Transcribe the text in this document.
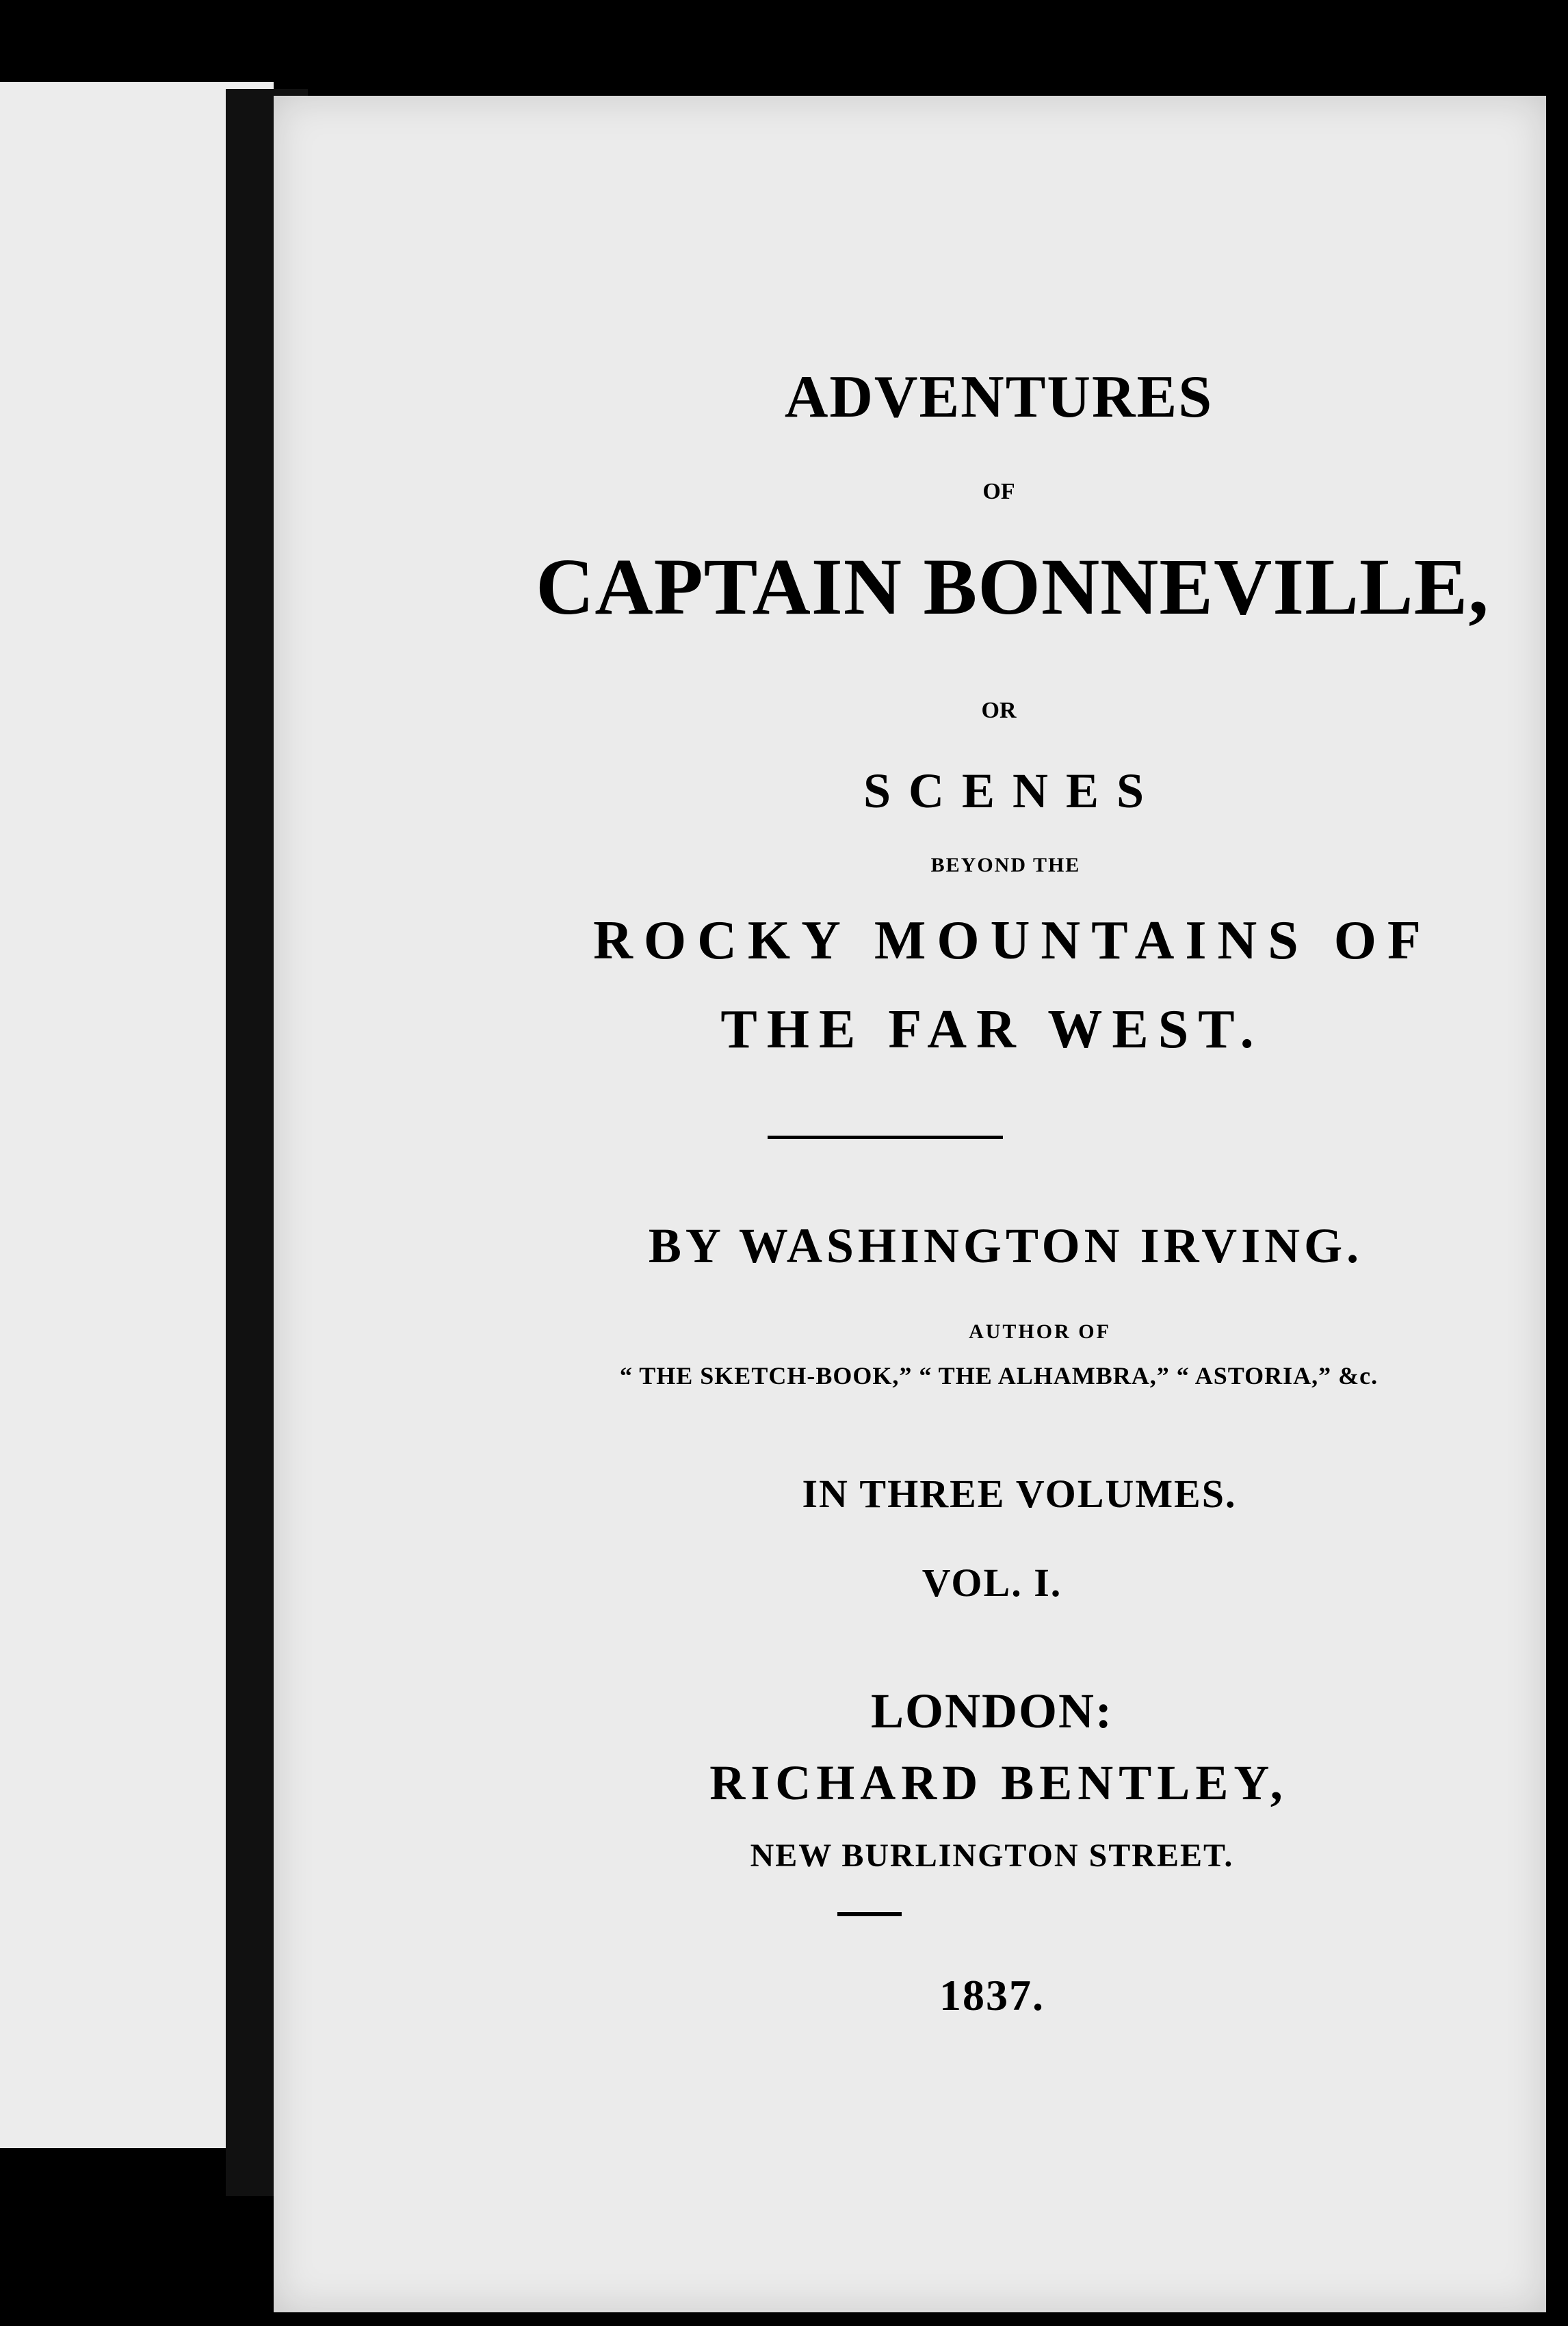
ADVENTURES
OF
CAPTAIN BONNEVILLE,
OR
SCENES
BEYOND THE
ROCKY MOUNTAINS OF
THE FAR WEST.
BY WASHINGTON IRVING.
AUTHOR OF
“ THE SKETCH-BOOK,” “ THE ALHAMBRA,” “ ASTORIA,” &c.
IN THREE VOLUMES.
VOL. I.
LONDON:
RICHARD BENTLEY,
NEW BURLINGTON STREET.
1837.
